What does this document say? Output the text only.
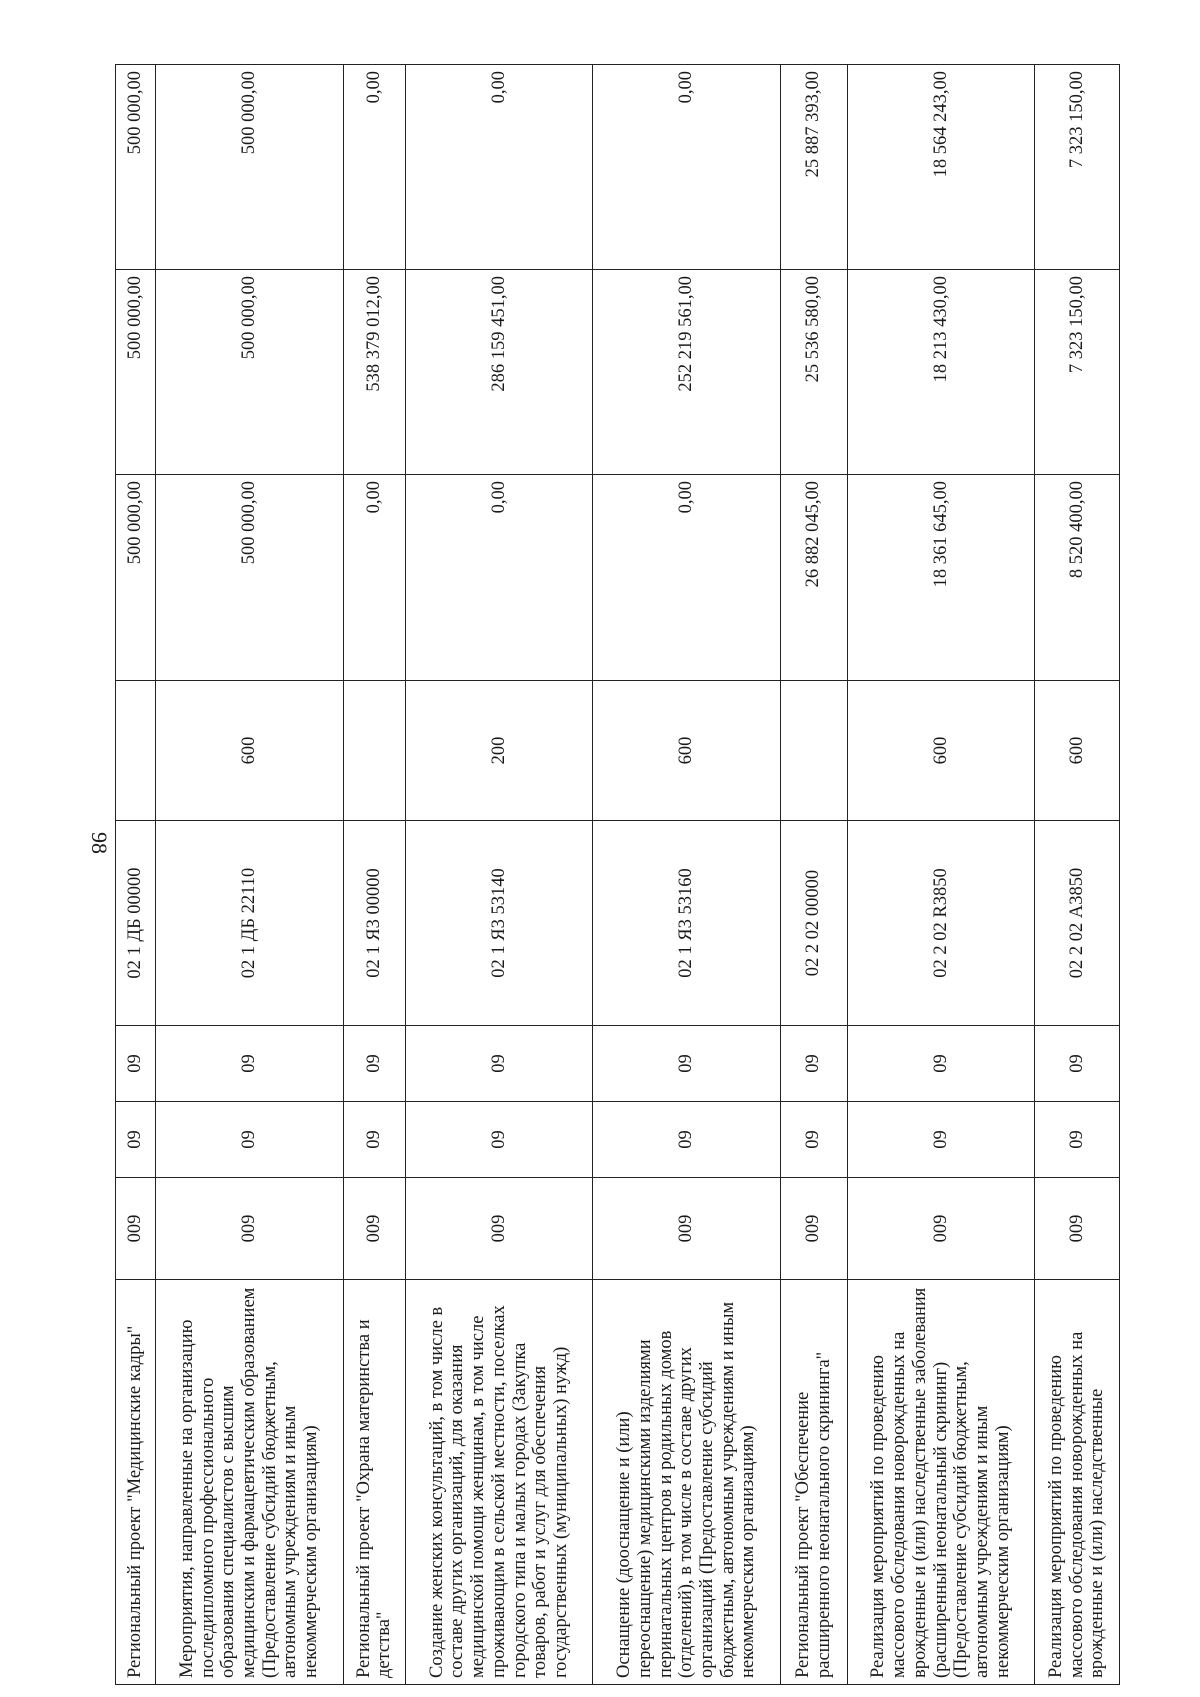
98
Региональный проект "Медицинские кадры"	009	09	09	02 1 ДБ 00000		500 000,00	500 000,00	500 000,00
Мероприятия, направленные на организацию последипломного профессионального образования специалистов с высшим медицинским и фармацевтическим образованием (Предоставление субсидий бюджетным, автономным учреждениям и иным некоммерческим организациям)	009	09	09	02 1 ДБ 22110	600	500 000,00	500 000,00	500 000,00
Региональный проект "Охрана материнства и детства"	009	09	09	02 1 Я3 00000		0,00	538 379 012,00	0,00
Создание женских консультаций, в том числе в составе других организаций, для оказания медицинской помощи женщинам, в том числе проживающим в сельской местности, поселках городского типа и малых городах (Закупка товаров, работ и услуг для обеспечения государственных (муниципальных) нужд)	009	09	09	02 1 Я3 53140	200	0,00	286 159 451,00	0,00
Оснащение (дооснащение и (или) переоснащение) медицинскими изделиями перинатальных центров и родильных домов (отделений), в том числе в составе других организаций (Предоставление субсидий бюджетным, автономным учреждениям и иным некоммерческим организациям)	009	09	09	02 1 Я3 53160	600	0,00	252 219 561,00	0,00
Региональный проект "Обеспечение расширенного неонатального скрининга"	009	09	09	02 2 02 00000		26 882 045,00	25 536 580,00	25 887 393,00
Реализация мероприятий по проведению массового обследования новорожденных на врожденные и (или) наследственные заболевания (расширенный неонатальный скрининг) (Предоставление субсидий бюджетным, автономным учреждениям и иным некоммерческим организациям)	009	09	09	02 2 02 R3850	600	18 361 645,00	18 213 430,00	18 564 243,00
Реализация мероприятий по проведению массового обследования новорожденных на врожденные и (или) наследственные	009	09	09	02 2 02 А3850	600	8 520 400,00	7 323 150,00	7 323 150,00
